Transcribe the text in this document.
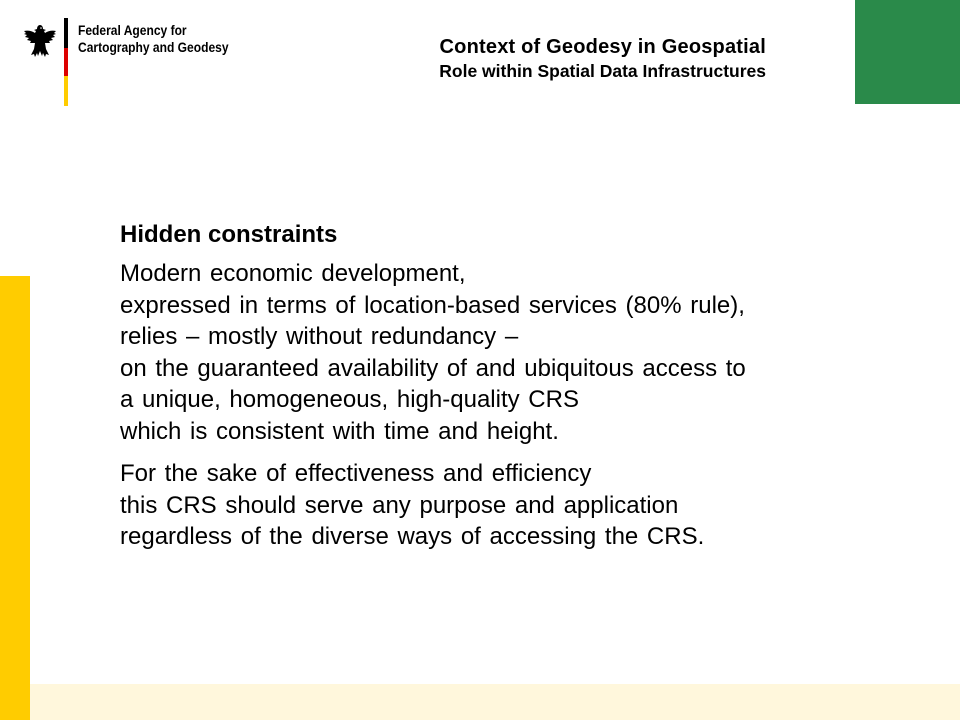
Federal Agency for
Cartography and Geodesy	Context of Geodesy in Geospatial
Role within Spatial Data Infrastructures
Hidden constraints

Modern economic development,
expressed in terms of location-based services (80% rule),
relies – mostly without redundancy –
on the guaranteed availability of and ubiquitous access to
a unique, homogeneous, high-quality CRS
which is consistent with time and height.

For the sake of effectiveness and efficiency
this CRS should serve any purpose and application
regardless of the diverse ways of accessing the CRS.
